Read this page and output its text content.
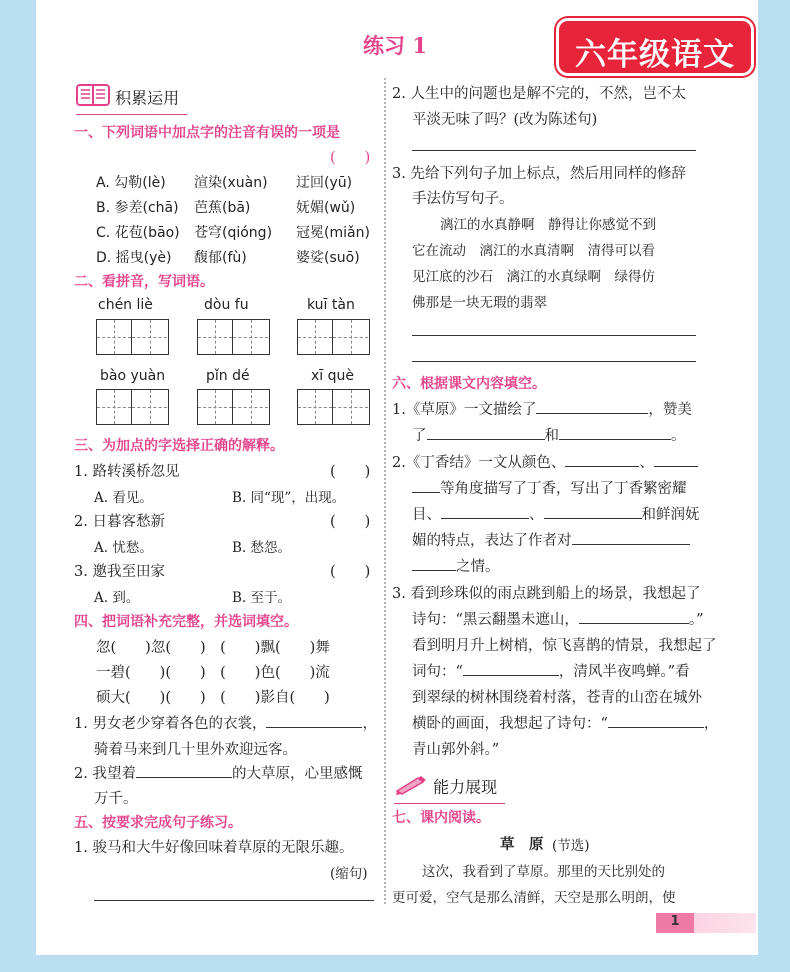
练习 1	六年级语文
积累运用
一、下列词语中加点字的注音有误的一项是
(　　)
A. 勾勒(lè) 渲染(xuàn) 迂回(yū)
B. 参差(chā) 芭蕉(bā)	妩媚(wǔ)
C. 花苞(bāo) 苍穹(qióng) 冠冕(miǎn)
D. 摇曳(yè) 馥郁(fù)	婆娑(suō)
二、看拼音，写词语。
chén liè	dòu fu	kuī tàn
bào yuàn	pǐn dé	xī què
三、为加点的字选择正确的解释。
1. 路转溪桥忽见	(　　)
A. 看见。	B. 同“现”，出现。
2. 日暮客愁新	(　　)
A. 忧愁。	B. 愁怨。
3. 邀我至田家	(　　)
A. 到。	B. 至于。
四、把词语补充完整，并选词填空。
忽(　　)忽(　　)　(　　)飘(　　)舞
一碧(　　)(　　)　(　　)色(　　)流
硕大(　　)(　　)　(　　)影自(　　)
1. 男女老少穿着各色的衣裳，	，
骑着马来到几十里外欢迎远客。
2. 我望着	的大草原，心里感慨
万千。
五、按要求完成句子练习。
1. 骏马和大牛好像回味着草原的无限乐趣。
(缩句)
2. 人生中的问题也是解不完的，不然，岂不太
平淡无味了吗？(改为陈述句)
3. 先给下列句子加上标点，然后用同样的修辞
手法仿写句子。
漓江的水真静啊　静得让你感觉不到
它在流动　漓江的水真清啊　清得可以看
见江底的沙石　漓江的水真绿啊　绿得仿
佛那是一块无瑕的翡翠
六、根据课文内容填空。
1.《草原》一文描绘了	，赞美
了	和	。
2.《丁香结》一文从颜色、	、
等角度描写了丁香，写出了丁香繁密耀
目、	、	和鲜润妩
媚的特点，表达了作者对
之情。
3. 看到珍珠似的雨点跳到船上的场景，我想起了
诗句：“黑云翻墨未遮山，	。”
看到明月升上树梢，惊飞喜鹊的情景，我想起了
词句：“	，清风半夜鸣蝉。”看
到翠绿的树林围绕着村落，苍青的山峦在城外
横卧的画面，我想起了诗句：“	，
青山郭外斜。”
能力展现
七、课内阅读。
草　原 (节选)
这次，我看到了草原。那里的天比别处的
更可爱，空气是那么清鲜，天空是那么明朗，使
1
